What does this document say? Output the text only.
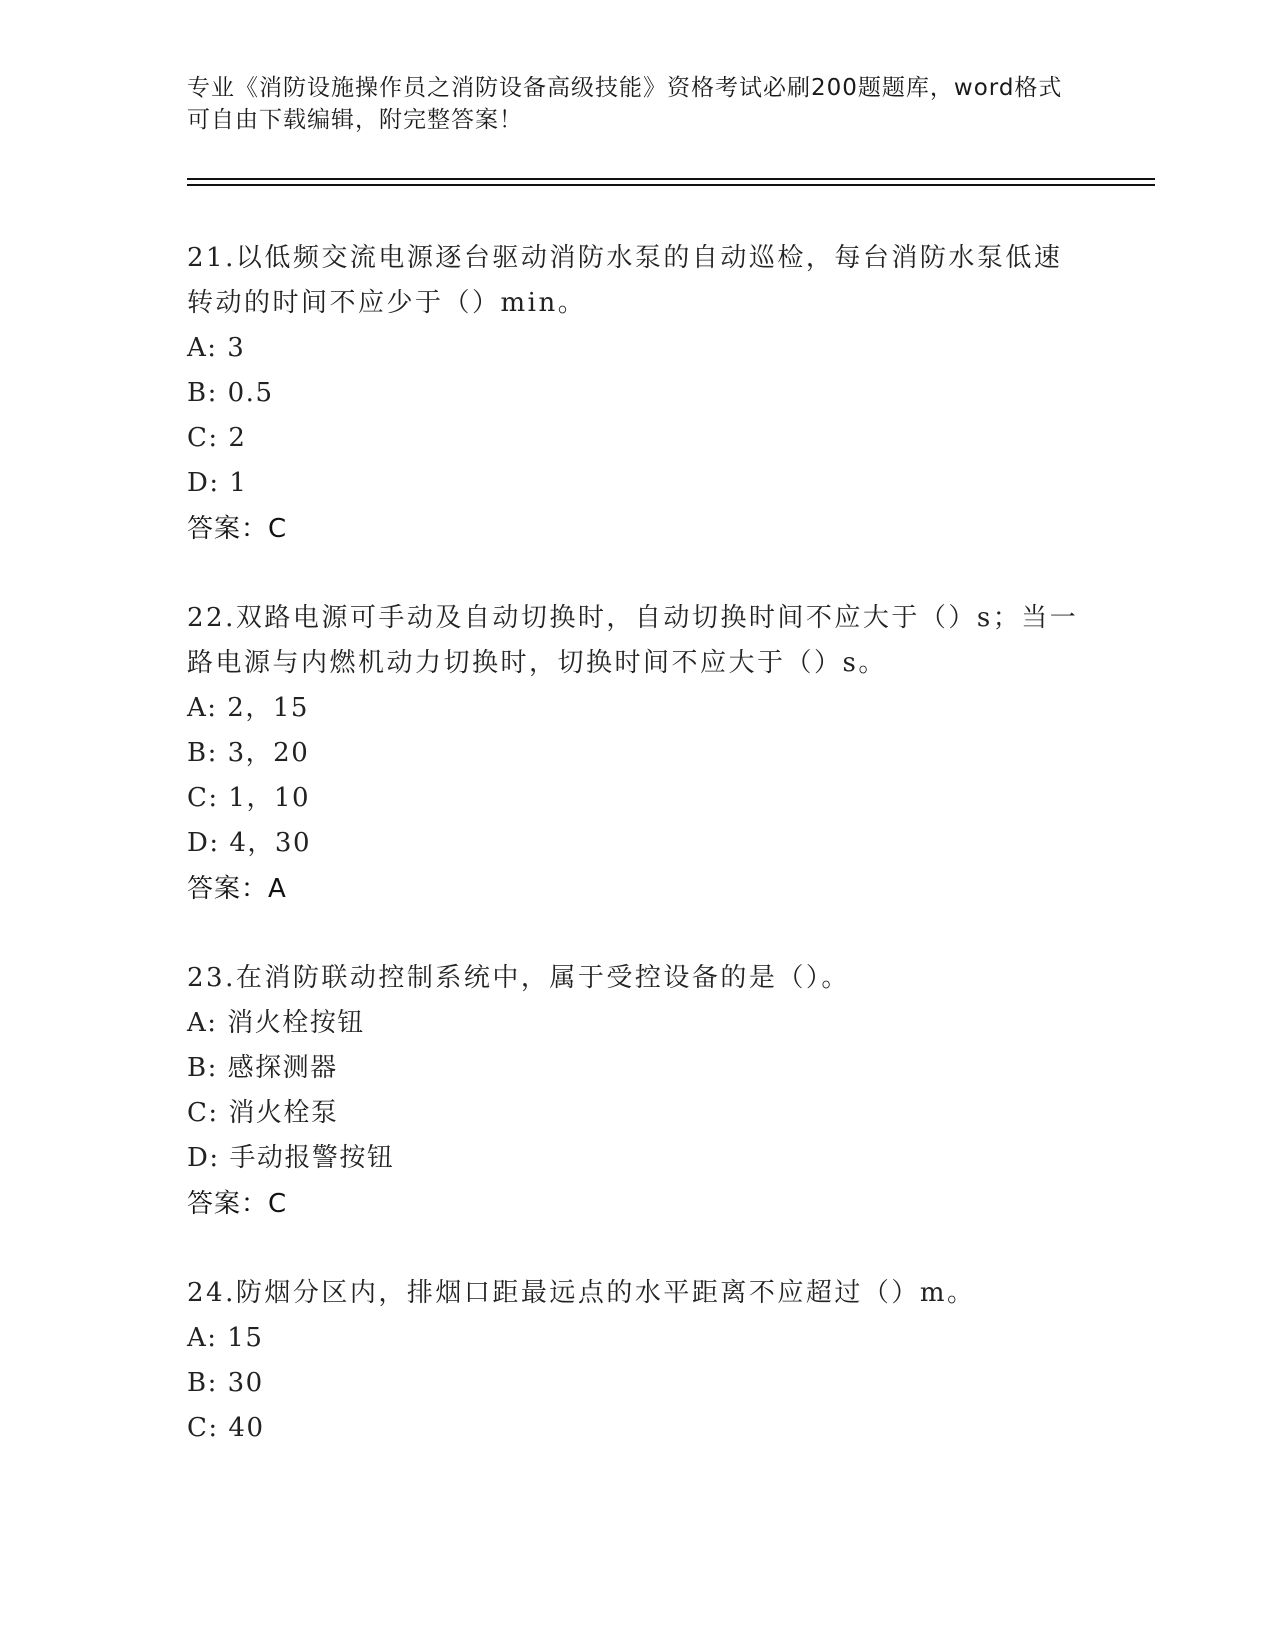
专业《消防设施操作员之消防设备高级技能》资格考试必刷200题题库，word格式可自由下载编辑，附完整答案！
21.以低频交流电源逐台驱动消防水泵的自动巡检，每台消防水泵低速转动的时间不应少于（）min。
A: 3
B: 0.5
C: 2
D: 1
答案：C
22.双路电源可手动及自动切换时，自动切换时间不应大于（）s；当一路电源与内燃机动力切换时，切换时间不应大于（）s。
A: 2，15
B: 3，20
C: 1，10
D: 4，30
答案：A
23.在消防联动控制系统中，属于受控设备的是（）。
A: 消火栓按钮
B: 感探测器
C: 消火栓泵
D: 手动报警按钮
答案：C
24.防烟分区内，排烟口距最远点的水平距离不应超过（）m。
A: 15
B: 30
C: 40
